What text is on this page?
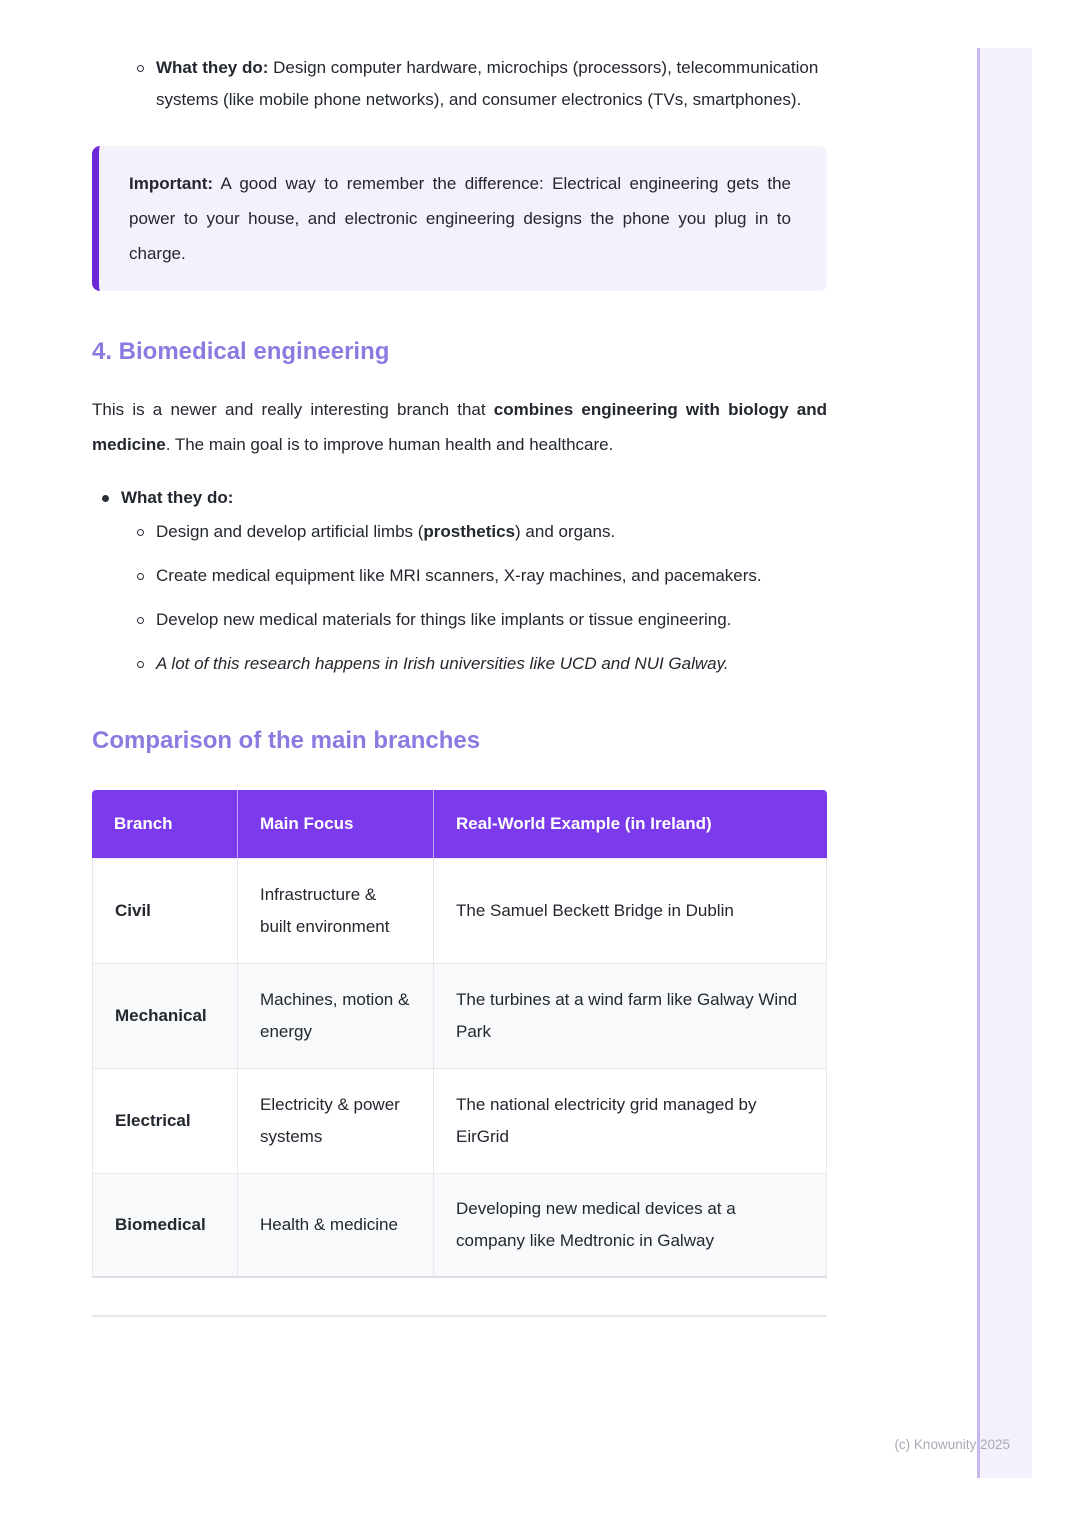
What they do: Design computer hardware, microchips (processors), telecommunication systems (like mobile phone networks), and consumer electronics (TVs, smartphones).
Important: A good way to remember the difference: Electrical engineering gets the power to your house, and electronic engineering designs the phone you plug in to charge.
4. Biomedical engineering

This is a newer and really interesting branch that combines engineering with biology and medicine. The main goal is to improve human health and healthcare.

What they do:
Design and develop artificial limbs (prosthetics) and organs.
Create medical equipment like MRI scanners, X-ray machines, and pacemakers.
Develop new medical materials for things like implants or tissue engineering.
A lot of this research happens in Irish universities like UCD and NUI Galway.
Comparison of the main branches
Branch	Main Focus	Real-World Example (in Ireland)
Civil	Infrastructure & built environment	The Samuel Beckett Bridge in Dublin
Mechanical	Machines, motion & energy	The turbines at a wind farm like Galway Wind Park
Electrical	Electricity & power systems	The national electricity grid managed by EirGrid
Biomedical	Health & medicine	Developing new medical devices at a company like Medtronic in Galway
(c) Knowunity 2025
